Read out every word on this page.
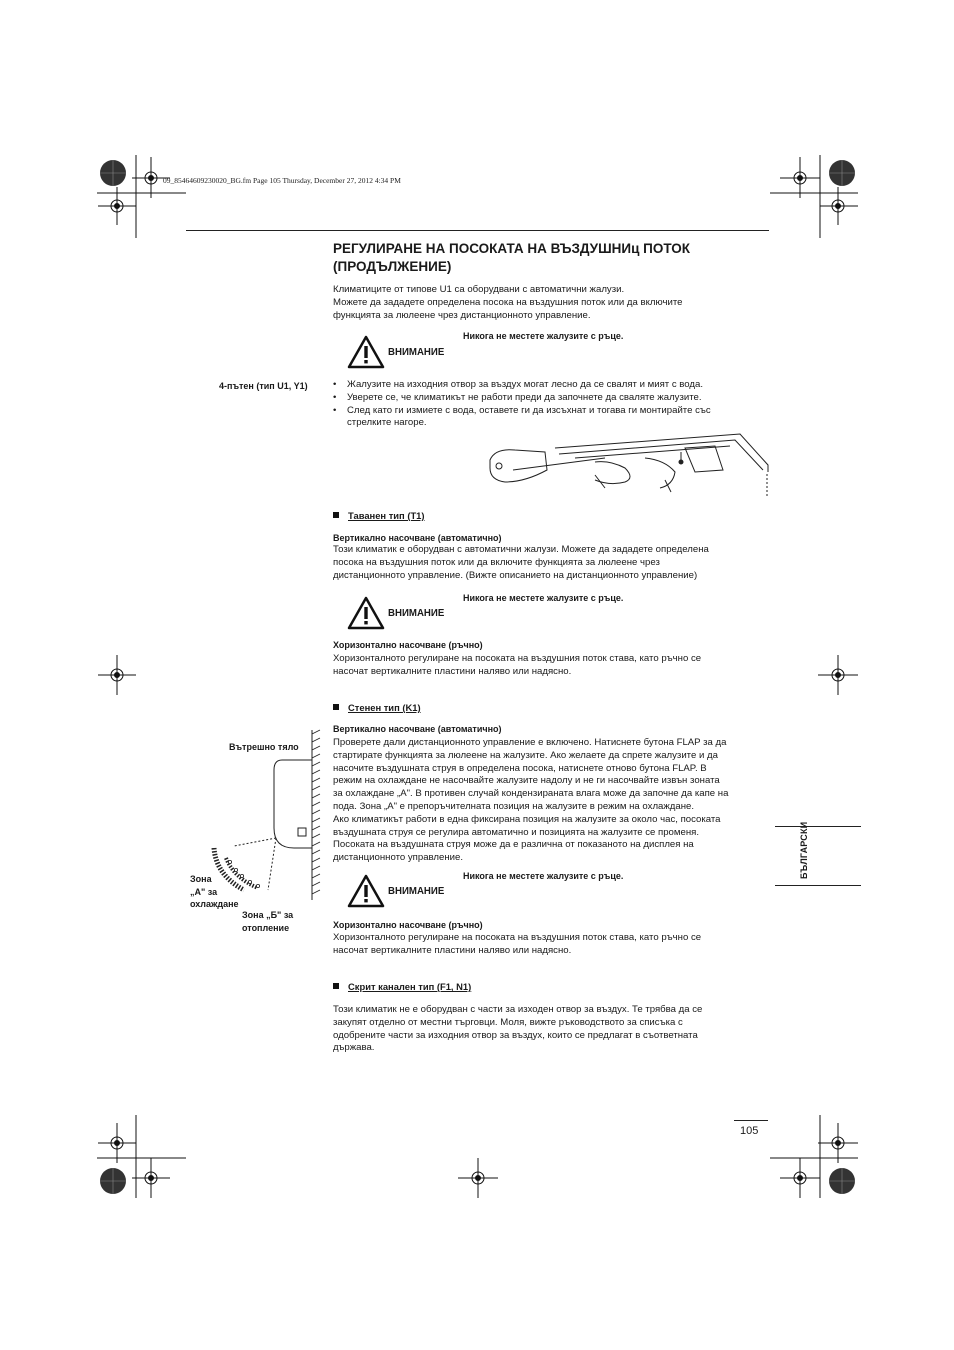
09_85464609230020_BG.fm Page 105 Thursday, December 27, 2012 4:34 PM
РЕГУЛИРАНЕ НА ПОСОКАТА НА ВЪЗДУШНИц ПОТОК
(ПРОДЪЛЖЕНИЕ)
Климатиците от типове U1 са оборудвани с автоматични жалузи.
Можете да зададете определена посока на въздушния поток или да включите
функцията за люлеене чрез дистанционното управление.
Никога не местете жалузите с ръце.
ВНИМАНИЕ
4-пътен (тип U1, Y1)
•	Жалузите на изходния отвор за въздух могат лесно да се свалят и мият с вода.
• Уверете се, че климатикът не работи преди да започнете да сваляте жалузите.
• След като ги измиете с вода, оставете ги да изсъхнат и тогава ги монтирайте със
стрелките нагоре.
Таванен тип (T1)
Вертикално насочване (автоматично)
Този климатик е оборудван с автоматични жалузи. Можете да зададете определена
посока на въздушния поток или да включите функцията за люлеене чрез
дистанционното управление. (Вижте описанието на дистанционното управление)
Никога не местете жалузите с ръце.
ВНИМАНИЕ
Хоризонтално насочване (ръчно)
Хоризонталното регулиране на посоката на въздушния поток става, като ръчно се
насочат вертикалните пластини наляво или надясно.
Стенен тип (K1)
Вертикално насочване (автоматично)
Проверете дали дистанционното управление е включено. Натиснете бутона FLAP за да
стартирате функцията за люлеене на жалузите. Ако желаете да спрете жалузите и да
насочите въздушната струя в определена посока, натиснете отново бутона FLAP. В
режим на охлаждане не насочвайте жалузите надолу и не ги насочвайте извън зоната
за охлаждане „А". В противен случай кондензираната влага може да започне да капе на
пода. Зона „А" е препоръчителната позиция на жалузите в режим на охлаждане.
Ако климатикът работи в една фиксирана позиция на жалузите за около час, посоката
въздушната струя се регулира автоматично и позицията на жалузите се променя.
Посоката на въздушната струя може да е различна от показаното на дисплея на
дистанционното управление.
Вътрешно тяло
Зона
„А" за
охлаждане
Зона „Б" за
отопление
Никога не местете жалузите с ръце.
ВНИМАНИЕ
Хоризонтално насочване (ръчно)
Хоризонталното регулиране на посоката на въздушния поток става, като ръчно се
насочат вертикалните пластини наляво или надясно.
Скрит канален тип (F1, N1)
Този климатик не е оборудван с части за изходен отвор за въздух. Те трябва да се
закупят отделно от местни търговци. Моля, вижте ръководството за списъка с
одобрените части за изходния отвор за въздух, които се предлагат в съответната
държава.
БЪЛГАРСКИ
105
